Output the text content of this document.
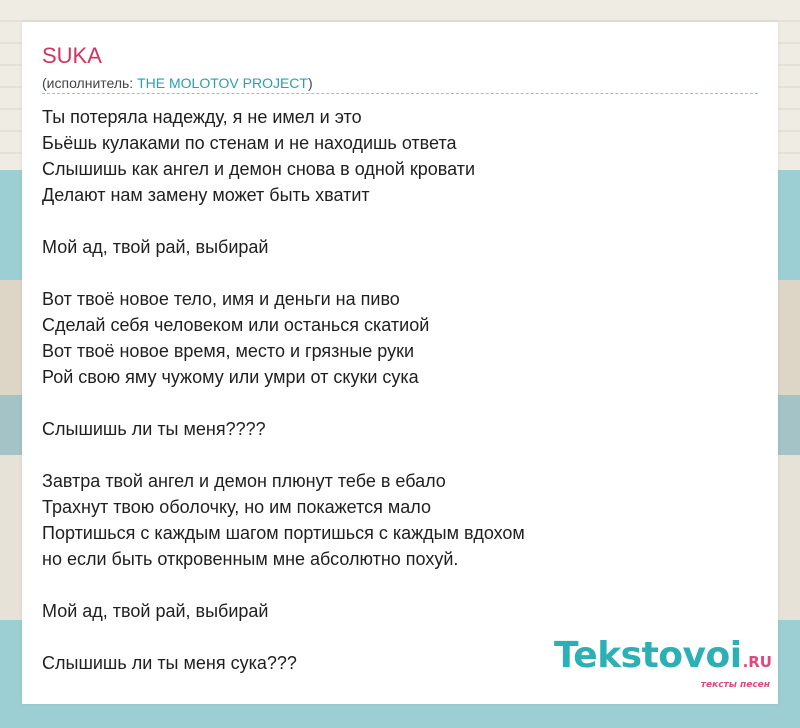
SUKA
(исполнитель: THE MOLOTOV PROJECT)
Ты потеряла надежду, я не имел и это
Бьёшь кулаками по стенам и не находишь ответа
Слышишь как ангел и демон снова в одной кровати
Делают нам замену может быть хватит
Мой ад, твой рай, выбирай
Вот твоё новое тело, имя и деньги на пиво
Сделай себя человеком или останься скатиой
Вот твоё новое время, место и грязные руки
Рой свою яму чужому или умри от скуки сука
Слышишь ли ты меня????
Завтра твой ангел и демон плюнут тебе в ебало
Трахнут твою оболочку, но им покажется мало
Портишься с каждым шагом портишься с каждым вдохом
но если быть откровенным мне абсолютно похуй.
Мой ад, твой рай, выбирай
Слышишь ли ты меня сука???	Tekstovoi.RU
тексты песен
